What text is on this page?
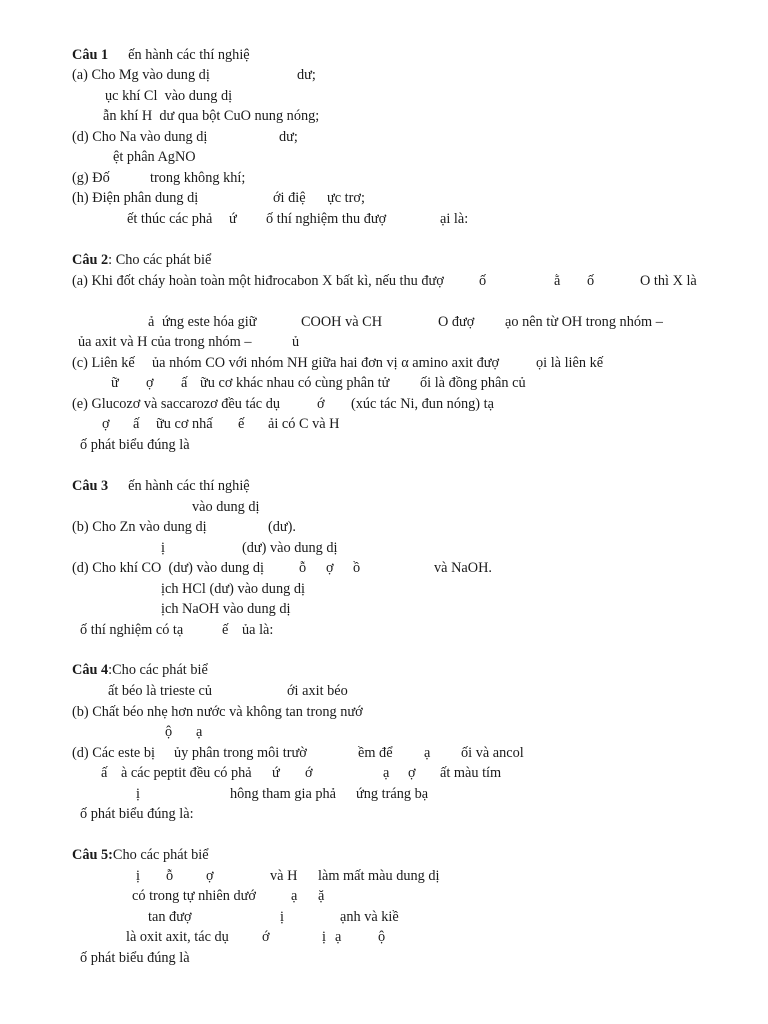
Câu 1 ến hành các thí nghiệ
(a) Cho Mg vào dung dị	dư;
ục khí Cl  vào dung dị
ẫn khí H  dư qua bột CuO nung nóng;
(d) Cho Na vào dung dị	dư;
ệt phân AgNO
(g) Đố	trong không khí;
(h) Điện phân dung dị	ới điệ ực trơ;
ết thúc các phả ứ ố thí nghiệm thu đượ	ại là:
Câu 2: Cho các phát biể
(a) Khi đốt cháy hoàn toàn một hiđrocabon X bất kì, nếu thu đượ ố	ằ ố	O thì X là
ả ứng este hóa giữ	COOH và CH	O đượ ạo nên từ OH trong nhóm –
ủa axit và H của trong nhóm –	ủ
(c) Liên kế ủa nhóm CO với nhóm NH giữa hai đơn vị α amino axit đượ	ọi là liên kế
ữ ợ ấ ữu cơ khác nhau có cùng phân tử ối là đồng phân củ
(e) Glucozơ và saccarozơ đều tác dụ	ớ (xúc tác Ni, đun nóng) tạ
ợ ấ ữu cơ nhấ ế ải có C và H
ố phát biểu đúng là
Câu 3 ến hành các thí nghiệ
vào dung dị
(b) Cho Zn vào dung dị	(dư).
ị	(dư) vào dung dị
(d) Cho khí CO  (dư) vào dung dị ỗ ợ ồ	và NaOH.
ịch HCl (dư) vào dung dị
ịch NaOH vào dung dị
ố thí nghiệm có tạ	ế ủa là:
Câu 4:Cho các phát biể
ất béo là trieste củ	ới axit béo
(b) Chất béo nhẹ hơn nước và không tan trong nướ
ộ ạ
(d) Các este bị ủy phân trong môi trườ	ềm để ạ ối và ancol
ấ à các peptit đều có phả ứ ớ	ạ ợ ất màu tím
ị	hông tham gia phả ứng tráng bạ
ố phát biểu đúng là:
Câu 5:Cho các phát biể
ị ỗ ợ	và H làm mất màu dung dị
có trong tự nhiên dướ ạ ặ
tan đượ	ị	ạnh và kiề
là oxit axit, tác dụ ớ	ị ạ	ộ
ố phát biểu đúng là
